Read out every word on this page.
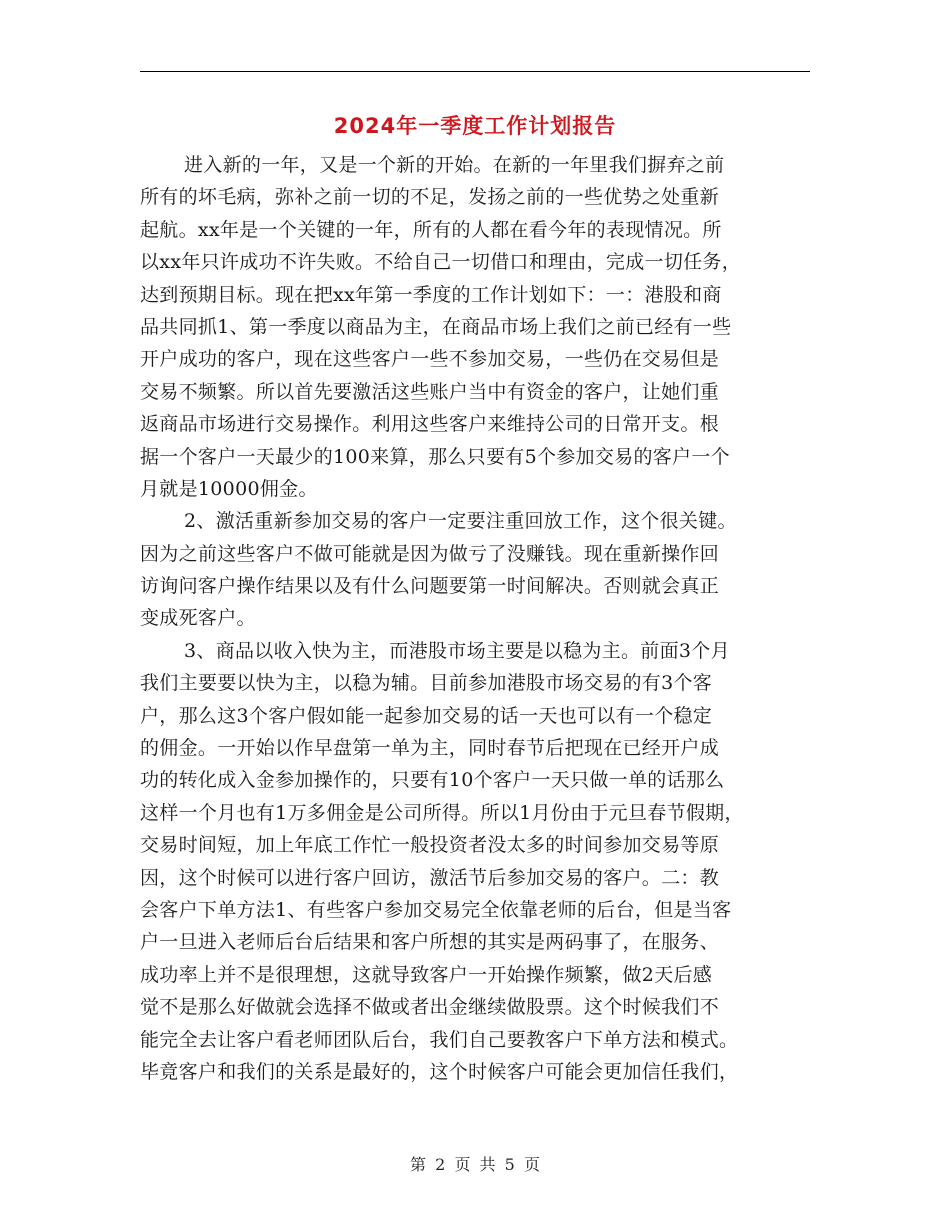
2024年一季度工作计划报告
进入新的一年，又是一个新的开始。在新的一年里我们摒弃之前
所有的坏毛病，弥补之前一切的不足，发扬之前的一些优势之处重新
起航。xx年是一个关键的一年，所有的人都在看今年的表现情况。所
以xx年只许成功不许失败。不给自己一切借口和理由，完成一切任务，
达到预期目标。现在把xx年第一季度的工作计划如下：一：港股和商
品共同抓1、第一季度以商品为主，在商品市场上我们之前已经有一些
开户成功的客户，现在这些客户一些不参加交易，一些仍在交易但是
交易不频繁。所以首先要激活这些账户当中有资金的客户，让她们重
返商品市场进行交易操作。利用这些客户来维持公司的日常开支。根
据一个客户一天最少的100来算，那么只要有5个参加交易的客户一个
月就是10000佣金。
2、激活重新参加交易的客户一定要注重回放工作，这个很关键。
因为之前这些客户不做可能就是因为做亏了没赚钱。现在重新操作回
访询问客户操作结果以及有什么问题要第一时间解决。否则就会真正
变成死客户。
3、商品以收入快为主，而港股市场主要是以稳为主。前面3个月
我们主要要以快为主，以稳为辅。目前参加港股市场交易的有3个客
户，那么这3个客户假如能一起参加交易的话一天也可以有一个稳定
的佣金。一开始以作早盘第一单为主，同时春节后把现在已经开户成
功的转化成入金参加操作的，只要有10个客户一天只做一单的话那么
这样一个月也有1万多佣金是公司所得。所以1月份由于元旦春节假期，
交易时间短，加上年底工作忙一般投资者没太多的时间参加交易等原
因，这个时候可以进行客户回访，激活节后参加交易的客户。二：教
会客户下单方法1、有些客户参加交易完全依靠老师的后台，但是当客
户一旦进入老师后台后结果和客户所想的其实是两码事了，在服务、
成功率上并不是很理想，这就导致客户一开始操作频繁，做2天后感
觉不是那么好做就会选择不做或者出金继续做股票。这个时候我们不
能完全去让客户看老师团队后台，我们自己要教客户下单方法和模式。
毕竟客户和我们的关系是最好的，这个时候客户可能会更加信任我们，
第 2 页 共 5 页
